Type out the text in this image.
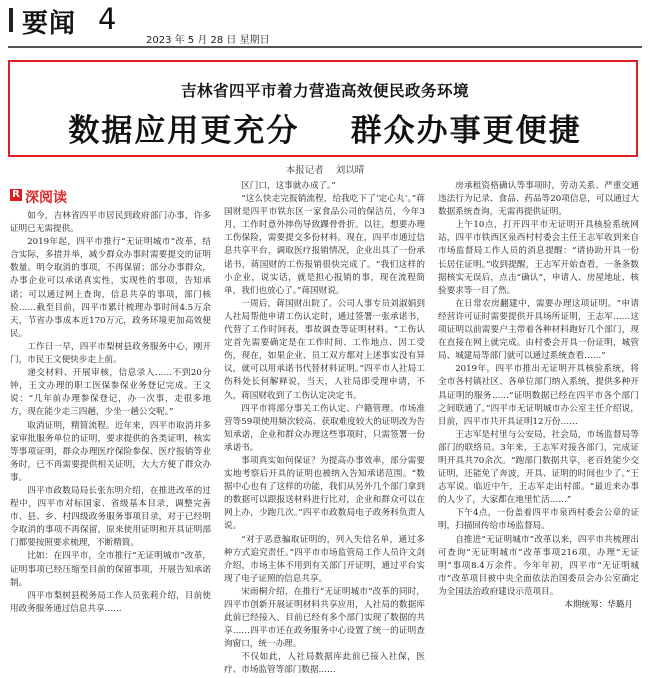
要闻 4
2023 年 5 月 28 日 星期日
吉林省四平市着力营造高效便民政务环境
数据应用更充分    群众办事更便捷
本报记者    刘以晴
R 深阅读

如今，吉林省四平市居民到政府部门办事，许多证明已无需提供。

2019年起，四平市推行“无证明城市”改革，结合实际，多措并举，减少群众办事时需要提交的证明数量。明令取消的事项，不再保留；部分办事群众，办事企业可以承诺真实性，实现性的事项，告知承诺；可以通过网上查询，信息共享的事项，部门核验……截至目前，四平市累计梳理办事时间4.5万余天，节省办事成本近170万元，政务环境更加高效便民。

工作日一早，四平市梨树县政务服务中心，刚开门，市民王文便快步走上前。

递交材料、开展审核，信息录入……不到20分钟，王文办理的职工医保参保业务登记完成。王文说：“几年前办理参保登记，办一次事，走很多地方，现在能少走三四趟，少坐一趟公交呢。”

取消证明，精简流程。近年来，四平市取消并多家审批服务单位的证明，要求提供的各类证明，核实等事项证明，群众办理医疗保险参保、医疗报销等业务时，已不再需要提供相关证明，大大方便了群众办事。

四平市政数局局长张东明介绍，在推进改革的过程中，四平市对标国家、省级基本目录，调整完善市、县、乡、村四级政务服务事项目录，对于已经明令取消的事项不再保留，原来使用证明和开具证明部门都要按照要求梳理，不断精简。

比如：在四平市，全市推行“无证明城市”改革，证明事项已经压缩至目前的保留事项，开展告知承诺制。

四平市梨树县税务局工作人员张莉介绍，目前使用政务服务通过信息共享……

区门口，这事就办成了。”

“这么快走完报销流程，给我吃下了‘定心丸’。”蒋国财是四平市铁东区一家食品公司的保洁员，今年3月，工作时意外摔伤导致踝骨骨折。以往，想要办理工伤保险，需要提交多份材料。现在，四平市通过信息共享平台，调取医疗报销情况，企业出具了一份承诺书，蒋国财的工伤报销很快完成了。“我们这样的小企业，说实话，就是担心报销的事，现在流程简单，我们也放心了。”蒋国财说。

一周后，蒋国财出院了。公司人事专员刘淑娟到人社局帮他申请工伤认定时，通过签署一张承诺书，代替了工作时间表，事故调查等证明材料。“工伤认定首先需要确定是在工作时间、工作地点、因工受伤，现在，如果企业、员工双方都对上述事实没有异议，就可以用承诺书代替材料证明。”四平市人社局工伤科处长何解释说，当天，人社局即受理申请，不久，蒋国财收到了工伤认定决定书。

四平市将部分事关工伤认定、户籍管理、市场准营等59项使用频次较高、获取难度较大的证明改为告知承诺，企业和群众办理这些事项时，只需签署一份承诺书。

事项真实如何保证？为提高办事效率，部分需要实地考察后开具的证明也被纳入告知承诺范围。“数据中心也有了这样的功能，我们从另外几个部门拿到的数据可以跟报送材料进行比对，企业和群众可以在网上办，少跑几次。”四平市政数局电子政务科负责人说。

“对于恶意骗取证明的，列入失信名单，通过多种方式追究责任。”四平市市场监管局工作人员许文剑介绍，市场主体不用到有关部门开证明，通过平台实现了电子证照的信息共享。

宋雨桐介绍，在推行“无证明城市”改革的同时，四平市创新开展证明材料共享应用，人社局的数据库此前已经接入，目前已经有多个部门实现了数据的共享……四平市还在政务服务中心设置了统一的证明查询窗口，统一办理。

不仅如此，人社局数据库此前已接入社保，医疗、市场监管等部门数据……

房承租资格确认等事项时，劳动关系、严重交通违法行为记录、食品、药品等20项信息，可以通过大数据系统查询，无需再提供证明。

上午10点，打开四平市无证明开具核验系统网站，四平市铁西区泉西村村委会主任王志军收到来自市场监督局工作人员的消息提醒：“请协助开具一份长居住证明。”收到提醒，王志军开始查看，一条条数据核实无误后，点击“确认”，申请人、房屋地址、核验要求等一目了然。

在日常农房翻建中，需要办理这项证明。“申请经营许可证时需要提供开具场所证明，王志军……这项证明以前需要户主带着各种材料跑好几个部门，现在直接在网上就完成。由村委会开具一份证明，城管局、城建局等部门就可以通过系统查看……”

2019年，四平市推出无证明开具核验系统，将全市各村镇社区、各单位部门纳入系统，提供多种开具证明的服务……“证明数据已经在四平市各个部门之间联通了。”四平市无证明城市办公室主任介绍说，目前，四平市共开具证明12万份……

王志军是村里与公安局，社会局，市场监督局等部门的联络员。3年来，王志军对接各部门，完成证明开具共70余次。“跑部门数据共享，老百姓能少交证明，还能免了奔波，开具、证明的时间也少了。”王志军说。临近中午，王志军走出村部。“最近来办事的人少了，大家都在地里忙活……”

下午4点，一份盖着四平市泉西村委会公章的证明，扫描回传给市场监督局。

自推进“无证明城市”改革以来，四平市共梳理出可查询“无证明城市”改革事项216项，办理“无证明”事项8.4万余件。今年年初，四平市“无证明城市”改革项目被中央全面依法治国委员会办公室确定为全国法治政府建设示范项目。

本期统筹：华璐月
